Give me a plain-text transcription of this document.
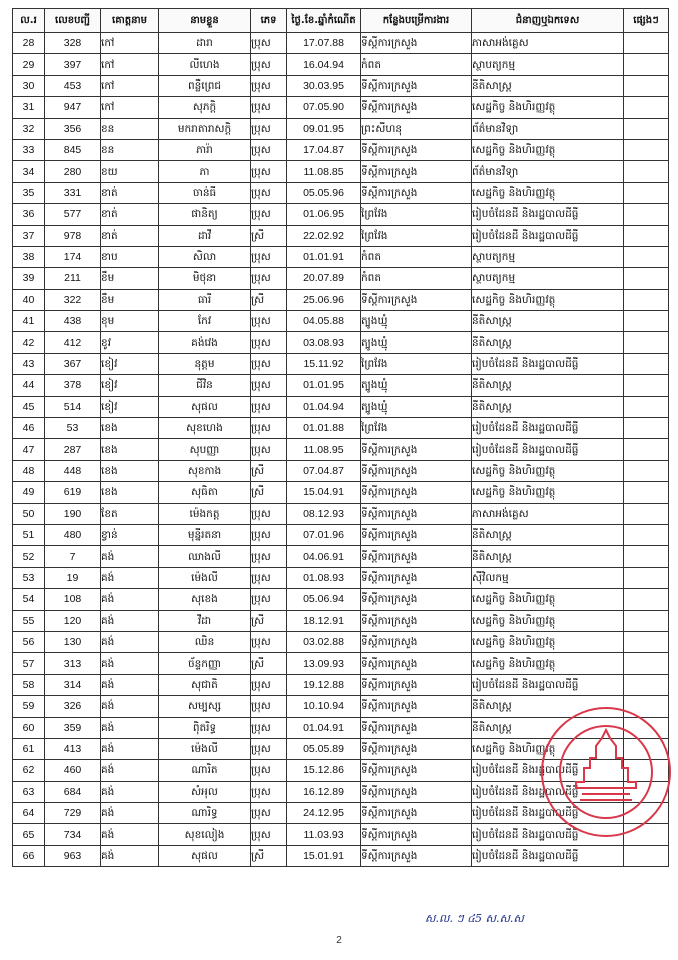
ល.រ	លេខបញ្ជី	គោត្តនាម	នាមខ្លួន	ភេទ	ថ្ងៃ.ខែ.ឆ្នាំកំណើត	កន្លែងបម្រើការងារ	ជំនាញឬឯកទេស	ផ្សេងៗ
28	328	កៅ	ដារា	ប្រុស	17.07.88	ទីស្តីការក្រសួង	ភាសាអង់គ្លេស	
29	397	កៅ	លីហេង	ប្រុស	16.04.94	កំពត	ស្ថាបត្យកម្ម	
30	453	កៅ	ពន្លឺព្រេជ	ប្រុស	30.03.95	ទីស្តីការក្រសួង	នីតិសាស្ត្រ	
31	947	កៅ	សុភក្តិ	ប្រុស	07.05.90	ទីស្តីការក្រសួង	សេដ្ឋកិច្ច និងហិរញ្ញវត្ថុ	
32	356	ខន	មករាតារាសក្តិ	ប្រុស	09.01.95	ព្រះសីហនុ	ព័ត៌មានវិទ្យា	
33	845	ខន	ភារ៉ា	ប្រុស	17.04.87	ទីស្តីការក្រសួង	សេដ្ឋកិច្ច និងហិរញ្ញវត្ថុ	
34	280	ខយ	ភា	ប្រុស	11.08.85	ទីស្តីការក្រសួង	ព័ត៌មានវិទ្យា	
35	331	ខាត់	ចាន់ធី	ប្រុស	05.05.96	ទីស្តីការក្រសួង	សេដ្ឋកិច្ច និងហិរញ្ញវត្ថុ	
36	577	ខាត់	ផានិត្យ	ប្រុស	01.06.95	ព្រៃវែង	រៀបចំដែនដី និងរដ្ឋបាលដីធ្លី	
37	978	ខាត់	ដាវី	ស្រី	22.02.92	ព្រៃវែង	រៀបចំដែនដី និងរដ្ឋបាលដីធ្លី	
38	174	ខាប	សិលា	ប្រុស	01.01.91	កំពត	ស្ថាបត្យកម្ម	
39	211	ខឹម	មិថុនា	ប្រុស	20.07.89	កំពត	ស្ថាបត្យកម្ម	
40	322	ខឹម	ធារី	ស្រី	25.06.96	ទីស្តីការក្រសួង	សេដ្ឋកិច្ច និងហិរញ្ញវត្ថុ	
41	438	ខុម	កែវ	ប្រុស	04.05.88	ត្បូងឃ្មុំ	នីតិសាស្ត្រ	
42	412	ខូវ	គង់វេង	ប្រុស	03.08.93	ត្បូងឃ្មុំ	នីតិសាស្ត្រ	
43	367	ខៀវ	នុត្តម	ប្រុស	15.11.92	ព្រៃវែង	រៀបចំដែនដី និងរដ្ឋបាលដីធ្លី	
44	378	ខៀវ	ជីវិន	ប្រុស	01.01.95	ត្បូងឃ្មុំ	នីតិសាស្ត្រ	
45	514	ខៀវ	សុផល	ប្រុស	01.04.94	ត្បូងឃ្មុំ	នីតិសាស្ត្រ	
46	53	ខេង	សុខហេង	ប្រុស	01.01.88	ព្រៃវែង	រៀបចំដែនដី និងរដ្ឋបាលដីធ្លី	
47	287	ខេង	សុបញ្ញា	ប្រុស	11.08.95	ទីស្តីការក្រសួង	រៀបចំដែនដី និងរដ្ឋបាលដីធ្លី	
48	448	ខេង	សុខកាង	ស្រី	07.04.87	ទីស្តីការក្រសួង	សេដ្ឋកិច្ច និងហិរញ្ញវត្ថុ	
49	619	ខេង	សុធិតា	ស្រី	15.04.91	ទីស្តីការក្រសួង	សេដ្ឋកិច្ច និងហិរញ្ញវត្ថុ	
50	190	ខែត	ម៉េងកត្ត	ប្រុស	08.12.93	ទីស្តីការក្រសួង	ភាសាអង់គ្លេស	
51	480	ខ្វាន់	មុន្នីរតនា	ប្រុស	07.01.96	ទីស្តីការក្រសួង	នីតិសាស្ត្រ	
52	7	គង់	ឈាងលី	ប្រុស	04.06.91	ទីស្តីការក្រសួង	នីតិសាស្ត្រ	
53	19	គង់	ម៉េងលី	ប្រុស	01.08.93	ទីស្តីការក្រសួង	ស៊ីវិលកម្ម	
54	108	គង់	សុខេង	ប្រុស	05.06.94	ទីស្តីការក្រសួង	សេដ្ឋកិច្ច និងហិរញ្ញវត្ថុ	
55	120	គង់	វីដា	ស្រី	18.12.91	ទីស្តីការក្រសួង	សេដ្ឋកិច្ច និងហិរញ្ញវត្ថុ	
56	130	គង់	ឈិន	ប្រុស	03.02.88	ទីស្តីការក្រសួង	សេដ្ឋកិច្ច និងហិរញ្ញវត្ថុ	
57	313	គង់	ច័ន្ទកញ្ញា	ស្រី	13.09.93	ទីស្តីការក្រសួង	សេដ្ឋកិច្ច និងហិរញ្ញវត្ថុ	
58	314	គង់	សុជាតិ	ប្រុស	19.12.88	ទីស្តីការក្រសួង	រៀបចំដែនដី និងរដ្ឋបាលដីធ្លី	
59	326	គង់	សម្បស្ស	ប្រុស	10.10.94	ទីស្តីការក្រសួង	នីតិសាស្ត្រ	
60	359	គង់	ពុិតរិទ្ធ	ប្រុស	01.04.91	ទីស្តីការក្រសួង	នីតិសាស្ត្រ	
61	413	គង់	ម៉េងលី	ប្រុស	05.05.89	ទីស្តីការក្រសួង	សេដ្ឋកិច្ច និងហិរញ្ញវត្ថុ	
62	460	គង់	ណារិត	ប្រុស	15.12.86	ទីស្តីការក្រសួង	រៀបចំដែនដី និងរដ្ឋបាលដីធ្លី	
63	684	គង់	សំអុល	ប្រុស	16.12.89	ទីស្តីការក្រសួង	រៀបចំដែនដី និងរដ្ឋបាលដីធ្លី	
64	729	គង់	ណារិទ្ធ	ប្រុស	24.12.95	ទីស្តីការក្រសួង	រៀបចំដែនដី និងរដ្ឋបាលដីធ្លី	
65	734	គង់	សុខលៀង	ប្រុស	11.03.93	ទីស្តីការក្រសួង	រៀបចំដែនដី និងរដ្ឋបាលដីធ្លី	
66	963	គង់	សុផល	ស្រី	15.01.91	ទីស្តីការក្រសួង	រៀបចំដែនដី និងរដ្ឋបាលដីធ្លី	
ស.ល. ៗ ៤5 ស.ស.ស
2
